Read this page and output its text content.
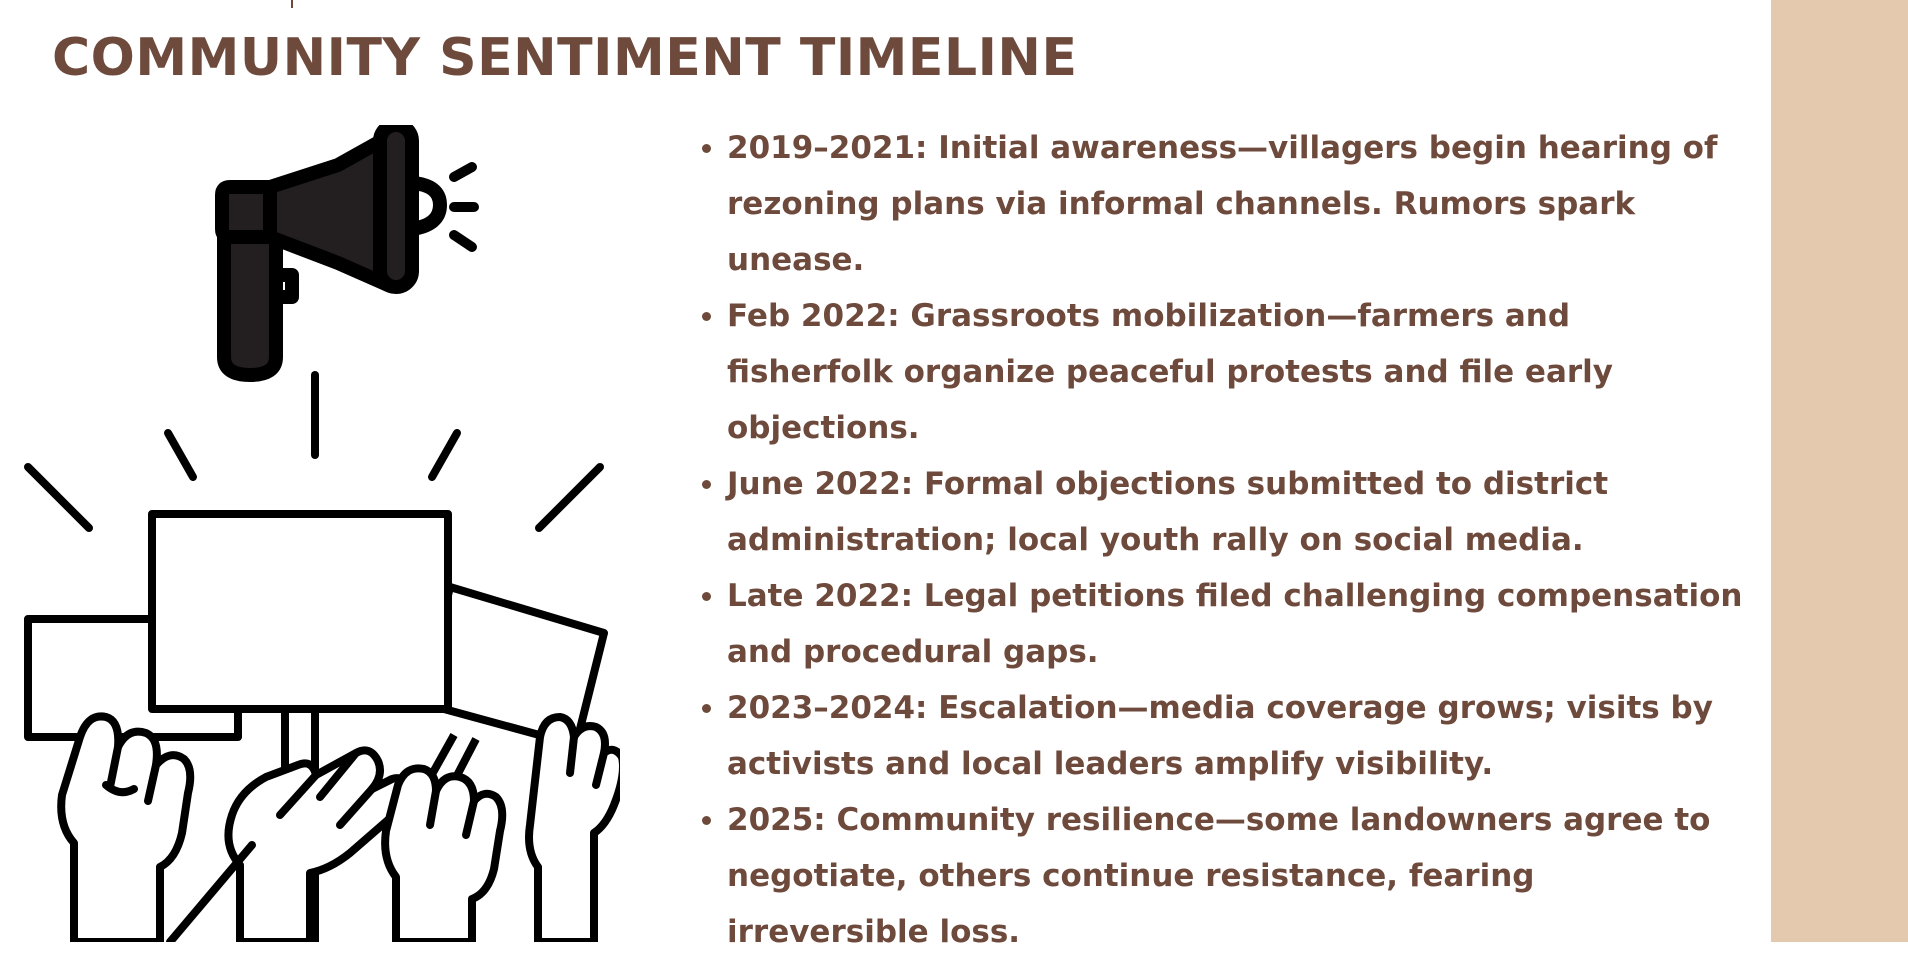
COMMUNITY SENTIMENT TIMELINE
2019–2021: Initial awareness—villagers begin hearing of rezoning plans via informal channels. Rumors spark unease.
Feb 2022: Grassroots mobilization—farmers and fisherfolk organize peaceful protests and file early objections.
June 2022: Formal objections submitted to district administration; local youth rally on social media.
Late 2022: Legal petitions filed challenging compensation and procedural gaps.
2023–2024: Escalation—media coverage grows; visits by activists and local leaders amplify visibility.
2025: Community resilience—some landowners agree to negotiate, others continue resistance, fearing irreversible loss.
